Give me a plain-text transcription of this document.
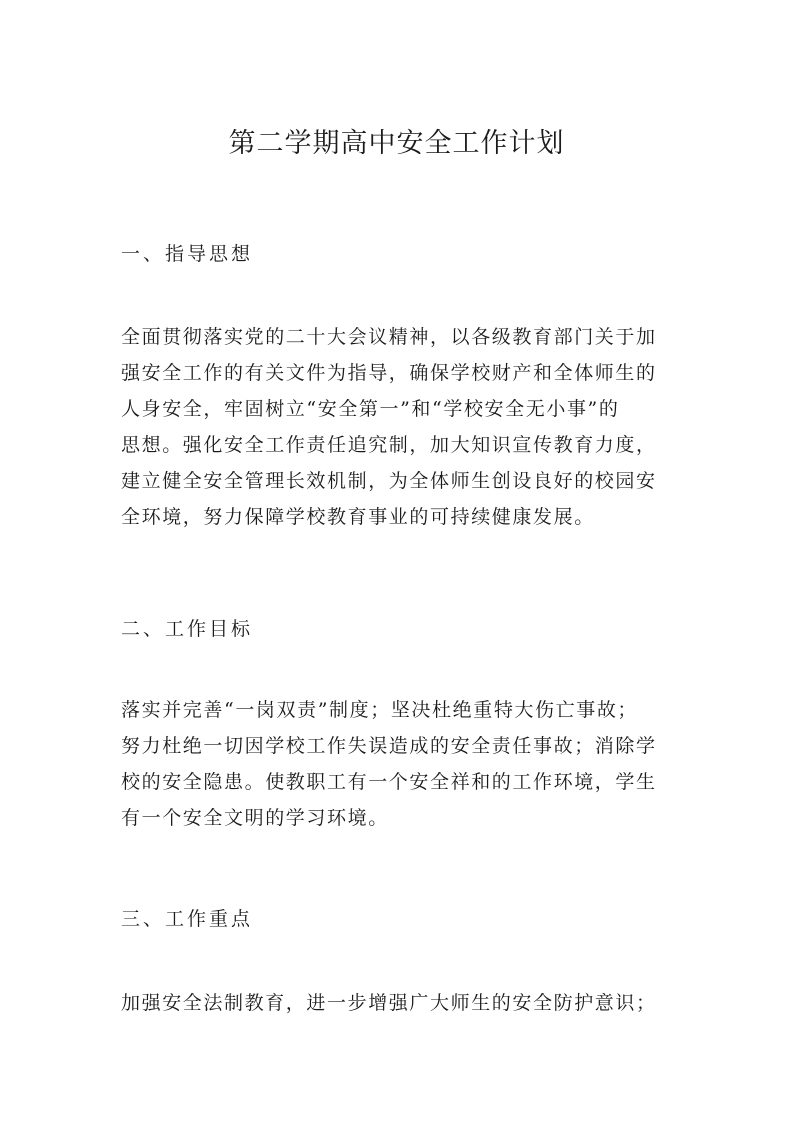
第二学期高中安全工作计划
一、指导思想

全面贯彻落实党的二十大会议精神，以各级教育部门关于加
强安全工作的有关文件为指导，确保学校财产和全体师生的
人身安全，牢固树立“安全第一”和“学校安全无小事”的
思想。强化安全工作责任追究制，加大知识宣传教育力度，
建立健全安全管理长效机制，为全体师生创设良好的校园安
全环境，努力保障学校教育事业的可持续健康发展。

二、工作目标

落实并完善“一岗双责”制度；坚决杜绝重特大伤亡事故；
努力杜绝一切因学校工作失误造成的安全责任事故；消除学
校的安全隐患。使教职工有一个安全祥和的工作环境，学生
有一个安全文明的学习环境。

三、工作重点

加强安全法制教育，进一步增强广大师生的安全防护意识；
